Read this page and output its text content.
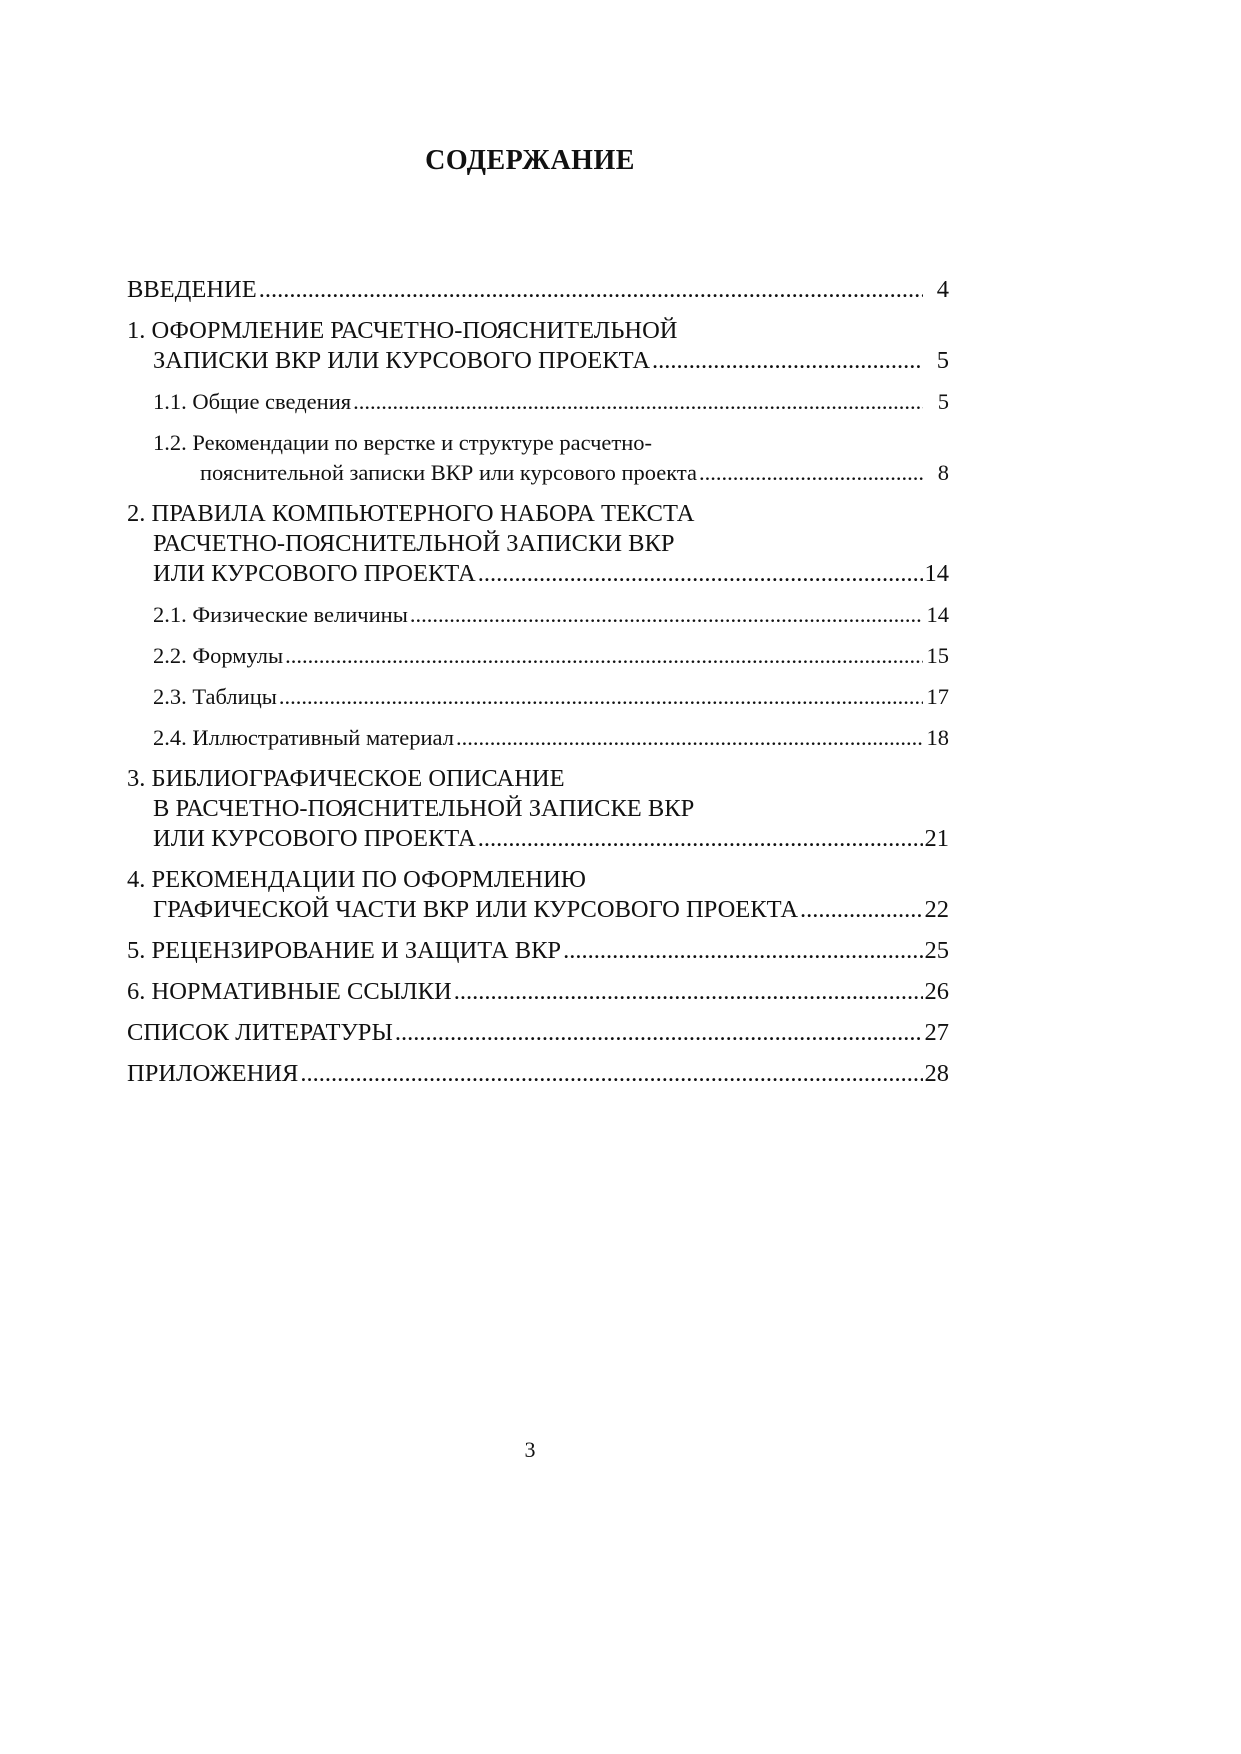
СОДЕРЖАНИЕ
ВВЕДЕНИЕ .....	4
1. ОФОРМЛЕНИЕ РАСЧЕТНО-ПОЯСНИТЕЛЬНОЙ
ЗАПИСКИ ВКР ИЛИ КУРСОВОГО ПРОЕКТА .....	5
1.1. Общие сведения .....	5
1.2. Рекомендации по верстке и структуре расчетно-
пояснительной записки ВКР или курсового проекта .....	8
2. ПРАВИЛА КОМПЬЮТЕРНОГО НАБОРА ТЕКСТА
РАСЧЕТНО-ПОЯСНИТЕЛЬНОЙ ЗАПИСКИ ВКР
ИЛИ КУРСОВОГО ПРОЕКТА .....	14
2.1. Физические величины .....	14
2.2. Формулы .....	15
2.3. Таблицы .....	17
2.4. Иллюстративный материал .....	18
3. БИБЛИОГРАФИЧЕСКОЕ ОПИСАНИЕ
В РАСЧЕТНО-ПОЯСНИТЕЛЬНОЙ ЗАПИСКЕ ВКР
ИЛИ КУРСОВОГО ПРОЕКТА .....	21
4. РЕКОМЕНДАЦИИ ПО ОФОРМЛЕНИЮ
ГРАФИЧЕСКОЙ ЧАСТИ ВКР ИЛИ КУРСОВОГО ПРОЕКТА .....	22
5. РЕЦЕНЗИРОВАНИЕ И ЗАЩИТА ВКР .....	25
6. НОРМАТИВНЫЕ ССЫЛКИ .....	26
СПИСОК ЛИТЕРАТУРЫ .....	27
ПРИЛОЖЕНИЯ .....	28
3
